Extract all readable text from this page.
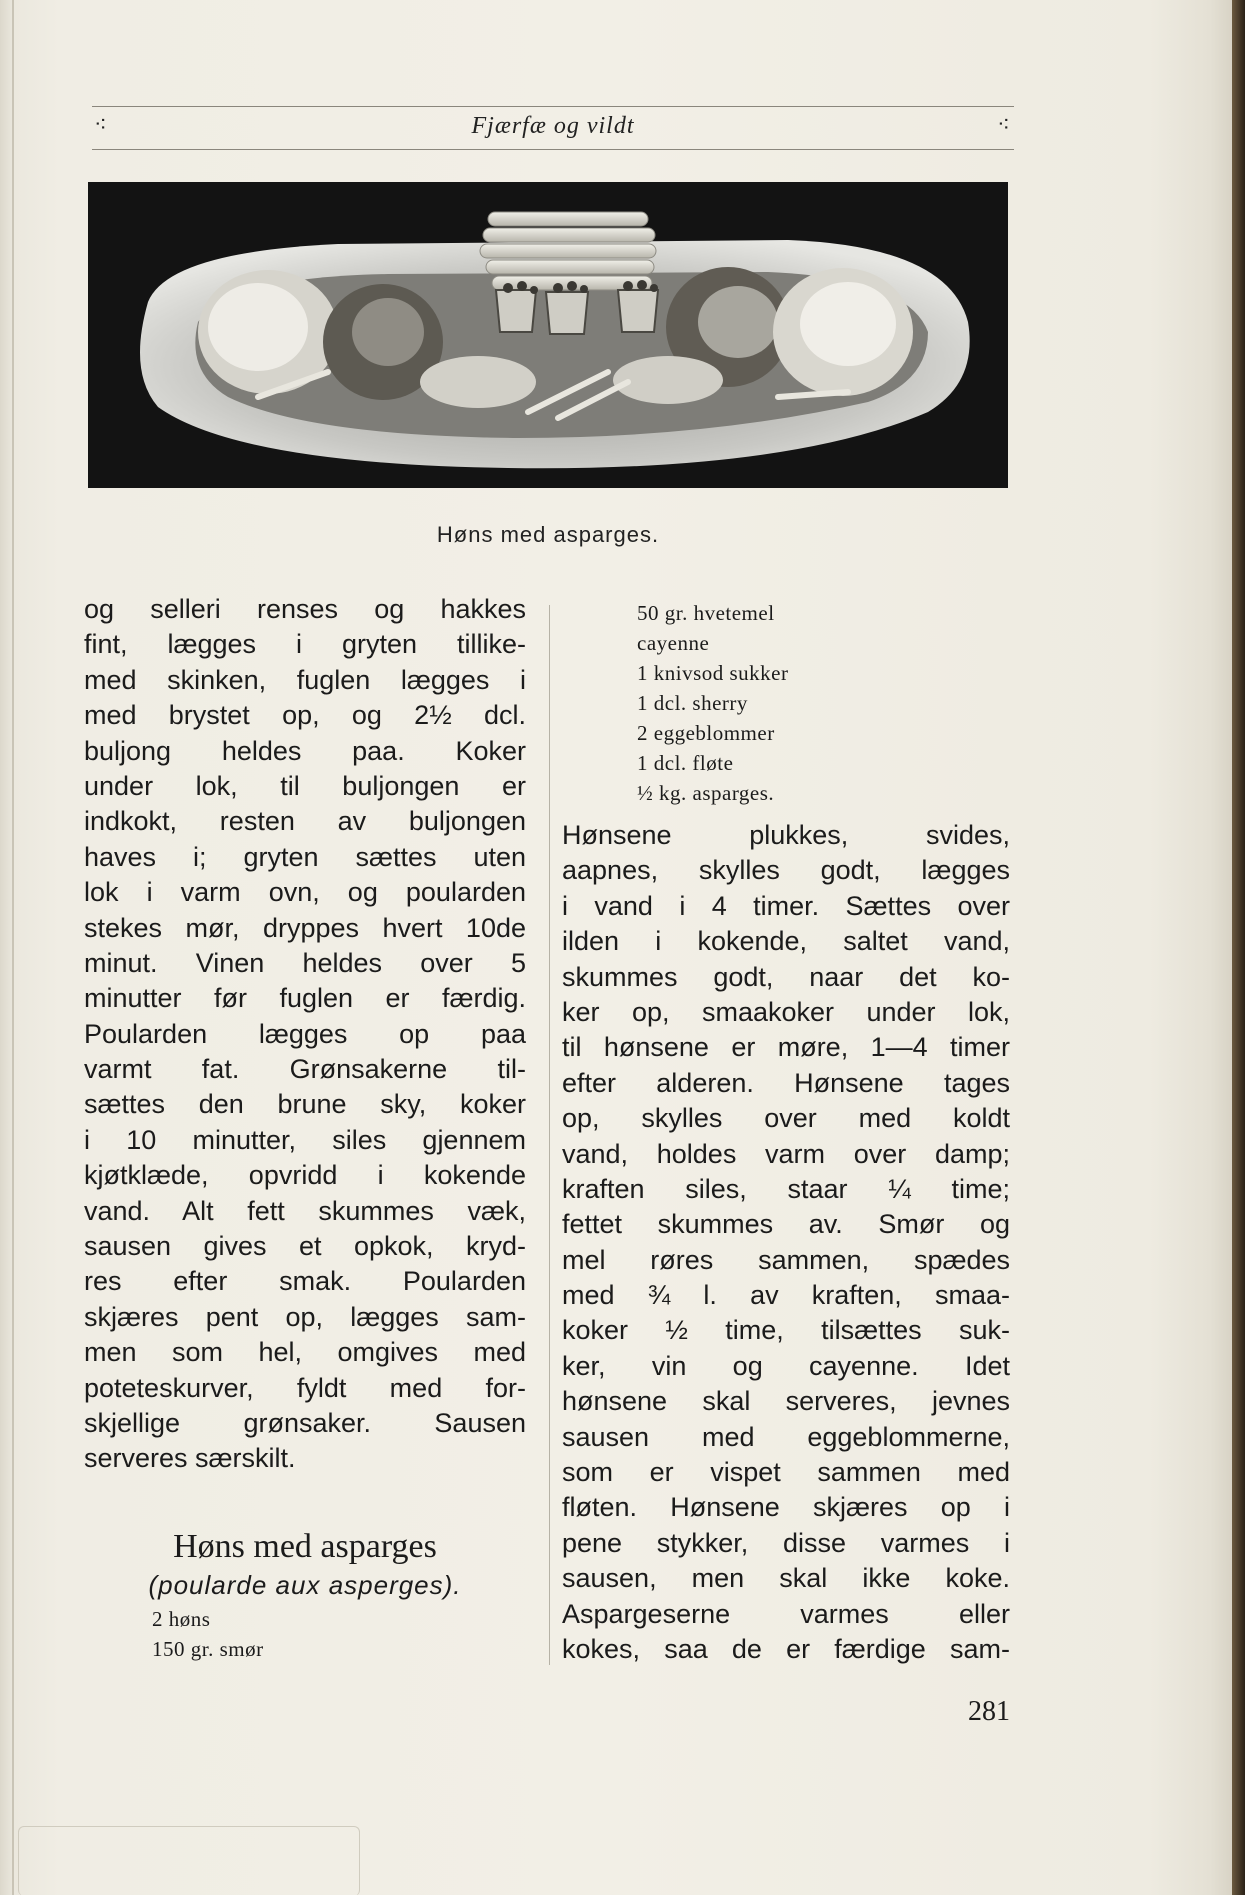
⁖	Fjærfæ og vildt	⁖
Høns med asparges.
og selleri renses og hakkes
fint, lægges i gryten tillike-
med skinken, fuglen lægges i
med brystet op, og 2½ dcl.
buljong heldes paa. Koker
under lok, til buljongen er
indkokt, resten av buljongen
haves i; gryten sættes uten
lok i varm ovn, og poularden
stekes mør, dryppes hvert 10de
minut. Vinen heldes over 5
minutter før fuglen er færdig.
Poularden lægges op paa
varmt fat. Grønsakerne til-
sættes den brune sky, koker
i 10 minutter, siles gjennem
kjøtklæde, opvridd i kokende
vand. Alt fett skummes væk,
sausen gives et opkok, kryd-
res efter smak. Poularden
skjæres pent op, lægges sam-
men som hel, omgives med
poteteskurver, fyldt med for-
skjellige grønsaker. Sausen
serveres særskilt.
Høns med asparges
(poularde aux asperges).
2 høns
150 gr. smør
50 gr. hvetemel
cayenne
1 knivsod sukker
1 dcl. sherry
2 eggeblommer
1 dcl. fløte
½ kg. asparges.
Hønsene plukkes, svides,
aapnes, skylles godt, lægges
i vand i 4 timer. Sættes over
ilden i kokende, saltet vand,
skummes godt, naar det ko-
ker op, smaakoker under lok,
til hønsene er møre, 1—4 timer
efter alderen. Hønsene tages
op, skylles over med koldt
vand, holdes varm over damp;
kraften siles, staar ¼ time;
fettet skummes av. Smør og
mel røres sammen, spædes
med ¾ l. av kraften, smaa-
koker ½ time, tilsættes suk-
ker, vin og cayenne. Idet
hønsene skal serveres, jevnes
sausen med eggeblommerne,
som er vispet sammen med
fløten. Hønsene skjæres op i
pene stykker, disse varmes i
sausen, men skal ikke koke.
Aspargeserne varmes eller
kokes, saa de er færdige sam-
281
